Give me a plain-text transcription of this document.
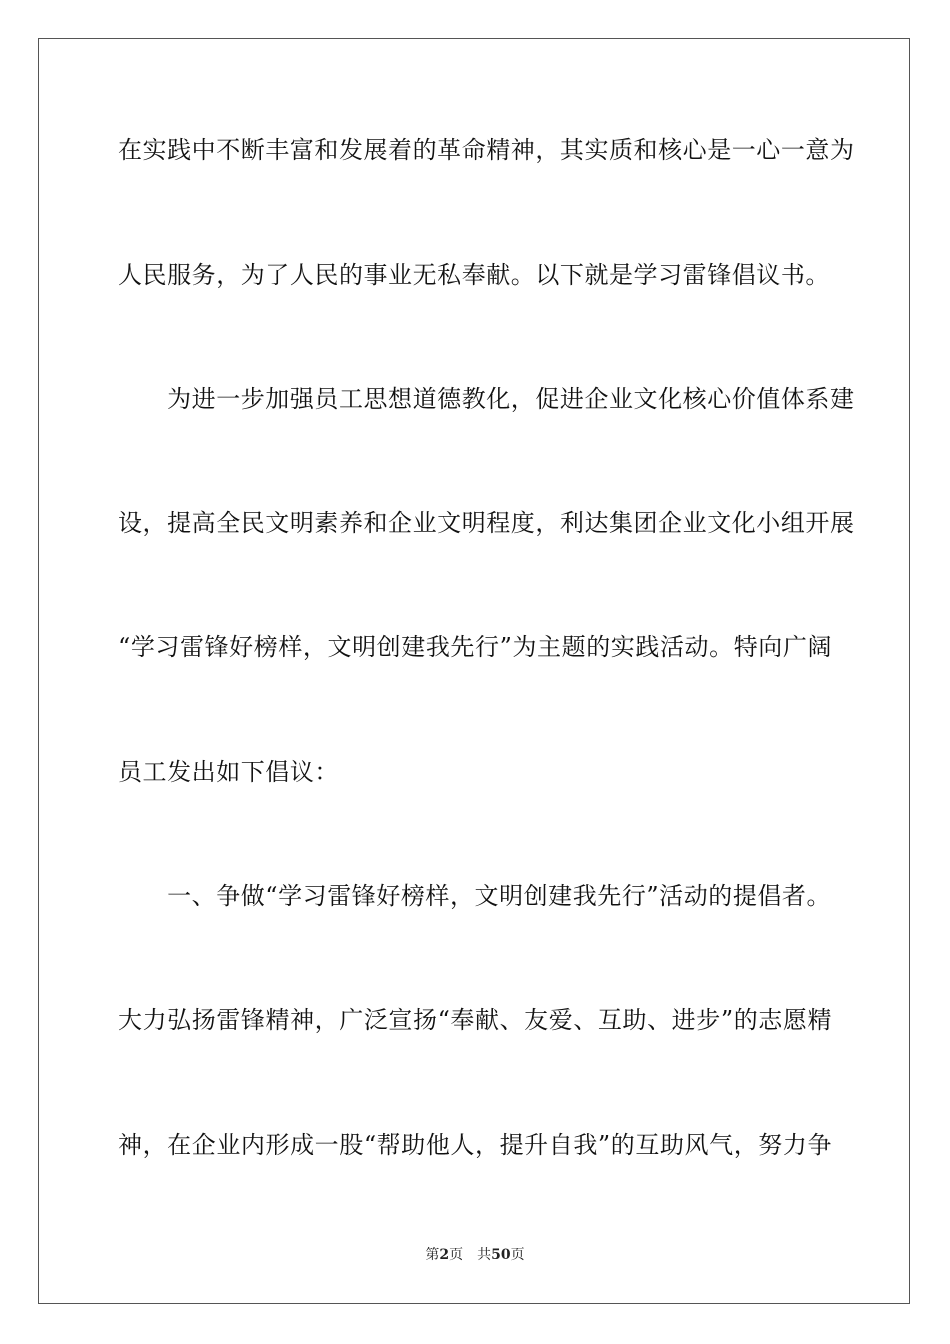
在实践中不断丰富和发展着的革命精神，其实质和核心是一心一意为
人民服务，为了人民的事业无私奉献。以下就是学习雷锋倡议书。
　　为进一步加强员工思想道德教化，促进企业文化核心价值体系建
设，提高全民文明素养和企业文明程度，利达集团企业文化小组开展
“学习雷锋好榜样，文明创建我先行”为主题的实践活动。特向广阔
员工发出如下倡议：
　　一、争做“学习雷锋好榜样，文明创建我先行”活动的提倡者。
大力弘扬雷锋精神，广泛宣扬“奉献、友爱、互助、进步”的志愿精
神，在企业内形成一股“帮助他人，提升自我”的互助风气，努力争
第2页 共50页
